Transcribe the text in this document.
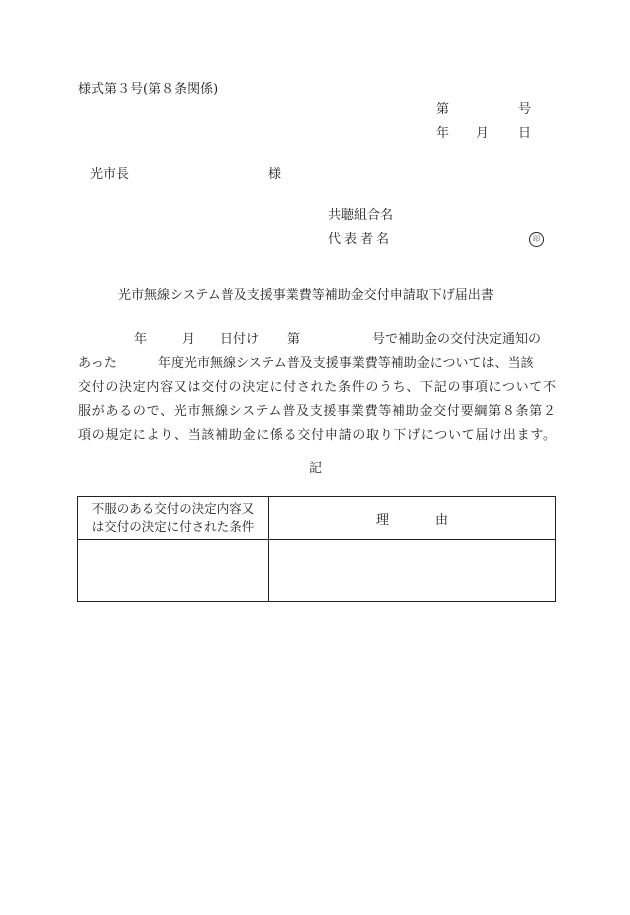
様式第３号(第８条関係)
第	号
年 月 日
光市長	様
共聴組合名
代表者名	印
光市無線システム普及支援事業費等補助金交付申請取下げ届出書
年	月 日付け 第	号で補助金の交付決定通知の
あった	年度光市無線システム普及支援事業費等補助金については、当該
交付の決定内容又は交付の決定に付された条件のうち、下記の事項について不
服があるので、光市無線システム普及支援事業費等補助金交付要綱第８条第２
項の規定により、当該補助金に係る交付申請の取り下げについて届け出ます。
記
不服のある交付の決定内容又
は交付の決定に付された条件	理由
